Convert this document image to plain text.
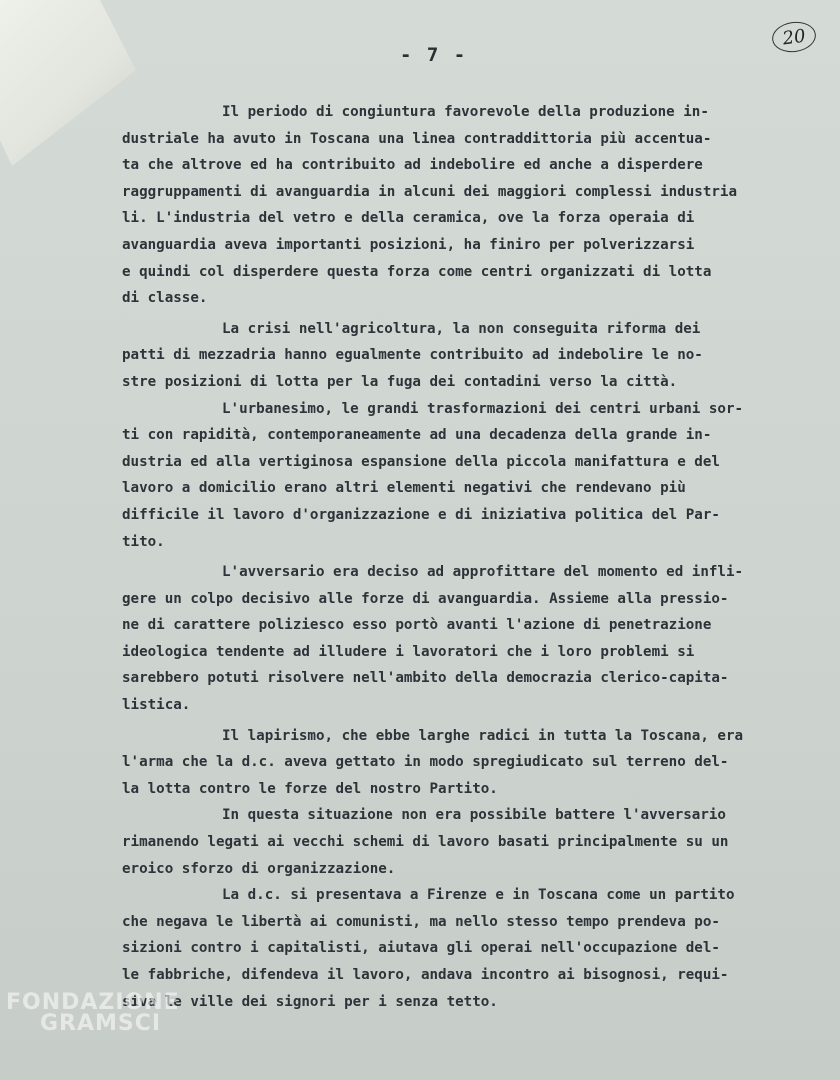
- 7 -
20
Il periodo di congiuntura favorevole della produzione in-
dustriale ha avuto in Toscana una linea contraddittoria più accentua-
ta che altrove ed ha contribuito ad indebolire ed anche a disperdere
raggruppamenti di avanguardia in alcuni dei maggiori complessi industria
li. L'industria del vetro e della ceramica, ove la forza operaia di
avanguardia aveva importanti posizioni, ha finiro per polverizzarsi
e quindi col disperdere questa forza come centri organizzati di lotta
di classe.
La crisi nell'agricoltura, la non conseguita riforma dei
patti di mezzadria hanno egualmente contribuito ad indebolire le no-
stre posizioni di lotta per la fuga dei contadini verso la città.
L'urbanesimo, le grandi trasformazioni dei centri urbani sor-
ti con rapidità, contemporaneamente ad una decadenza della grande in-
dustria ed alla vertiginosa espansione della piccola manifattura e del
lavoro a domicilio erano altri elementi negativi che rendevano più
difficile il lavoro d'organizzazione e di iniziativa politica del Par-
tito.
L'avversario era deciso ad approfittare del momento ed infli-
gere un colpo decisivo alle forze di avanguardia. Assieme alla pressio-
ne di carattere poliziesco esso portò avanti l'azione di penetrazione
ideologica tendente ad illudere i lavoratori che i loro problemi si
sarebbero potuti risolvere nell'ambito della democrazia clerico-capita-
listica.
Il lapirismo, che ebbe larghe radici in tutta la Toscana, era
l'arma che la d.c. aveva gettato in modo spregiudicato sul terreno del-
la lotta contro le forze del nostro Partito.
In questa situazione non era possibile battere l'avversario
rimanendo legati ai vecchi schemi di lavoro basati principalmente su un
eroico sforzo di organizzazione.
La d.c. si presentava a Firenze e in Toscana come un partito
che negava le libertà ai comunisti, ma nello stesso tempo prendeva po-
sizioni contro i capitalisti, aiutava gli operai nell'occupazione del-
le fabbriche, difendeva il lavoro, andava incontro ai bisognosi, requi-
siva le ville dei signori per i senza tetto.
FONDAZIONE
GRAMSCI
